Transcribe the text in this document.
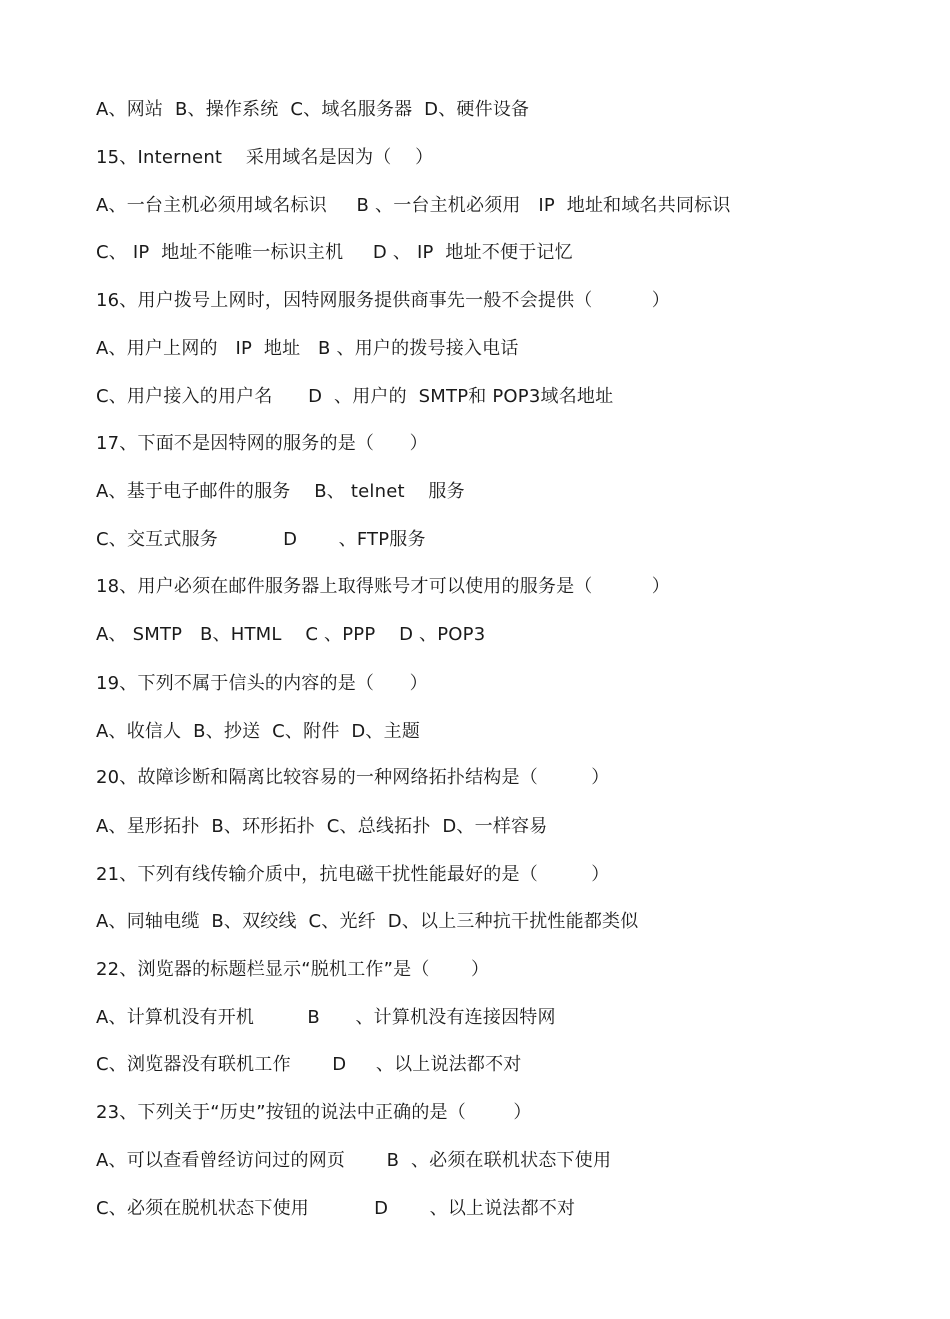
A、网站  B、操作系统  C、域名服务器  D、硬件设备
15、Internent    采用域名是因为（    ）
A、一台主机必须用域名标识     B 、一台主机必须用   IP  地址和域名共同标识
C、 IP  地址不能唯一标识主机     D 、 IP  地址不便于记忆
16、用户拨号上网时，因特网服务提供商事先一般不会提供（          ）
A、用户上网的   IP  地址   B 、用户的拨号接入电话
C、用户接入的用户名      D  、用户的  SMTP和 POP3域名地址
17、下面不是因特网的服务的是（      ）
A、基于电子邮件的服务    B、 telnet    服务
C、交互式服务           D       、FTP服务
18、用户必须在邮件服务器上取得账号才可以使用的服务是（          ）
A、 SMTP   B、HTML    C 、PPP    D 、POP3
19、下列不属于信头的内容的是（      ）
A、收信人  B、抄送  C、附件  D、主题
20、故障诊断和隔离比较容易的一种网络拓扑结构是（         ）
A、星形拓扑  B、环形拓扑  C、总线拓扑  D、一样容易
21、下列有线传输介质中，抗电磁干扰性能最好的是（         ）
A、同轴电缆  B、双绞线  C、光纤  D、以上三种抗干扰性能都类似
22、浏览器的标题栏显示“脱机工作”是（       ）
A、计算机没有开机         B      、计算机没有连接因特网
C、浏览器没有联机工作       D     、以上说法都不对
23、下列关于“历史”按钮的说法中正确的是（        ）
A、可以查看曾经访问过的网页       B  、必须在联机状态下使用
C、必须在脱机状态下使用           D       、以上说法都不对
